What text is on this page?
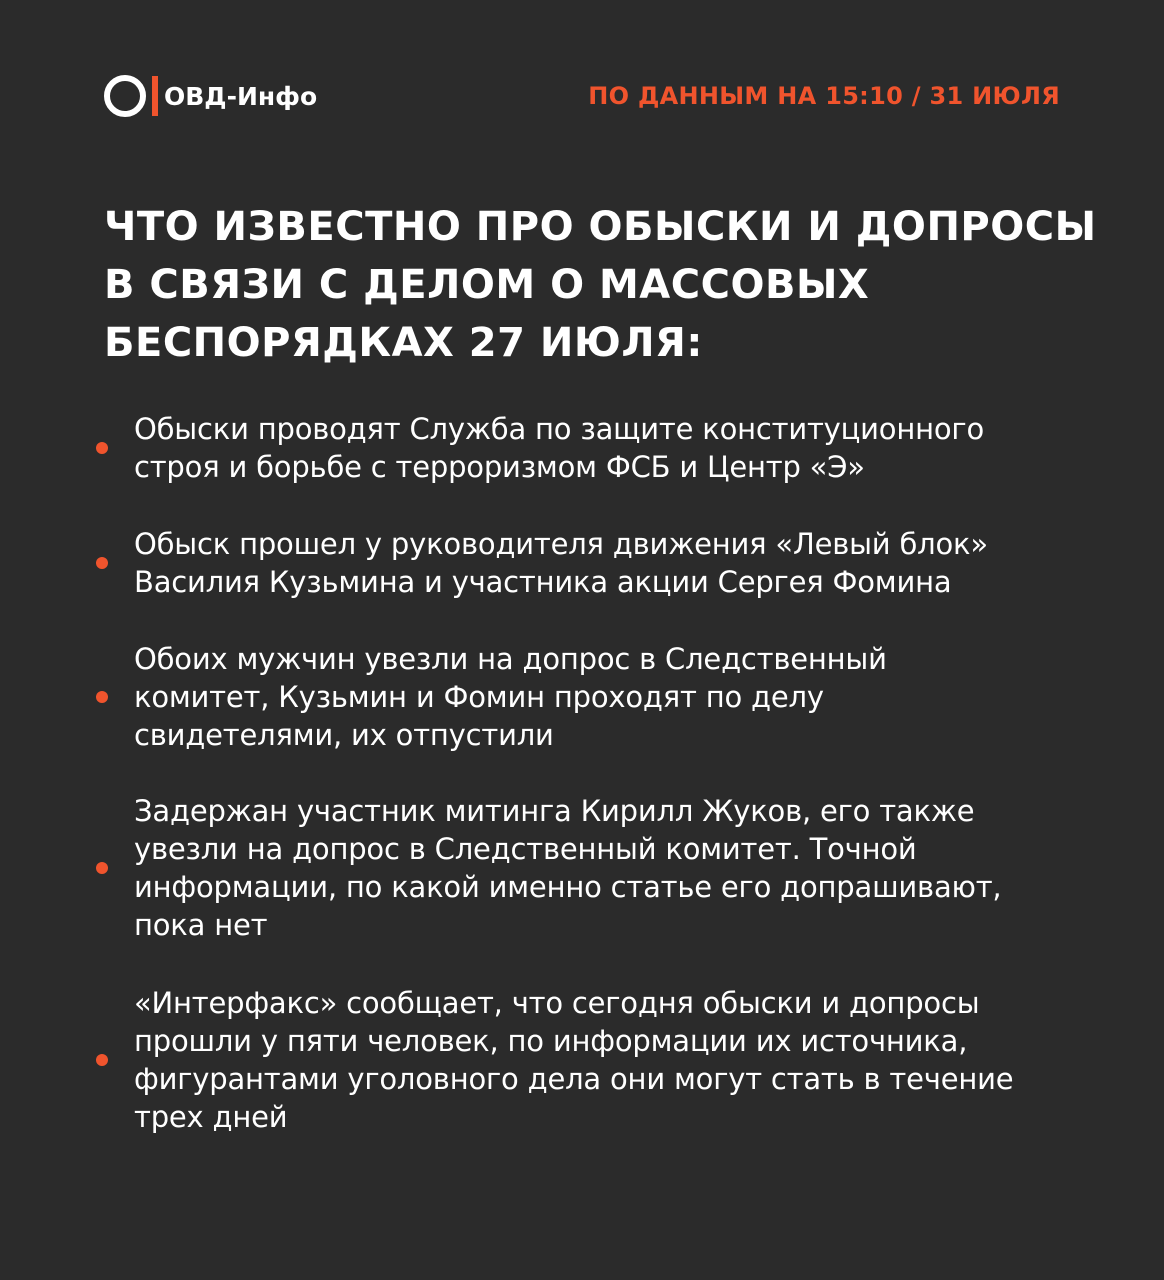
ОВД-Инфо	ПО ДАННЫМ НА 15:10 / 31 ИЮЛЯ
ЧТО ИЗВЕСТНО ПРО ОБЫСКИ И ДОПРОСЫ
В СВЯЗИ С ДЕЛОМ О МАССОВЫХ
БЕСПОРЯДКАХ 27 ИЮЛЯ:
Обыски проводят Служба по защите конституционного
строя и борьбе с терроризмом ФСБ и Центр «Э»
Обыск прошел у руководителя движения «Левый блок»
Василия Кузьмина и участника акции Сергея Фомина
Обоих мужчин увезли на допрос в Следственный
комитет, Кузьмин и Фомин проходят по делу
свидетелями, их отпустили
Задержан участник митинга Кирилл Жуков, его также
увезли на допрос в Следственный комитет. Точной
информации, по какой именно статье его допрашивают,
пока нет
«Интерфакс» сообщает, что сегодня обыски и допросы
прошли у пяти человек, по информации их источника,
фигурантами уголовного дела они могут стать в течение
трех дней
